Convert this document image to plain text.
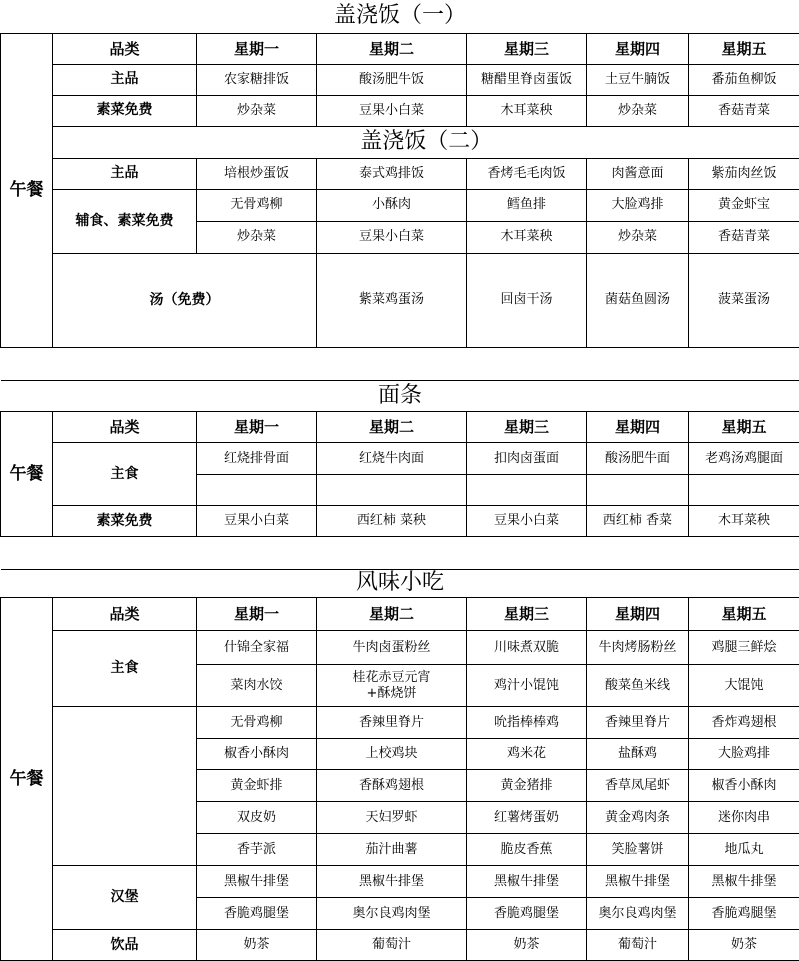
盖浇饭（一）							
午餐	品类	星期一	星期二	星期三	星期四	星期五	
	主品	农家糖排饭	酸汤肥牛饭	糖醋里脊卤蛋饭	土豆牛腩饭	番茄鱼柳饭	
	素菜免费	炒杂菜	豆果小白菜	木耳菜秧	炒杂菜	香菇青菜	
	盖浇饭（二）						
	主品	培根炒蛋饭	泰式鸡排饭	香烤毛毛肉饭	肉酱意面	紫茄肉丝饭	
	辅食、素菜免费	无骨鸡柳	小酥肉	鳕鱼排	大脸鸡排	黄金虾宝	
		炒杂菜	豆果小白菜	木耳菜秧	炒杂菜	香菇青菜	
	汤（免费）		紫菜鸡蛋汤	回卤干汤	菌菇鱼圆汤	菠菜蛋汤	

面条							
午餐	品类	星期一	星期二	星期三	星期四	星期五	
	主食	红烧排骨面	红烧牛肉面	扣肉卤蛋面	酸汤肥牛面	老鸡汤鸡腿面	

	素菜免费	豆果小白菜	西红柿 菜秧	豆果小白菜	西红柿 香菜	木耳菜秧	

风味小吃							
午餐	品类	星期一	星期二	星期三	星期四	星期五	
	主食	什锦全家福	牛肉卤蛋粉丝	川味煮双脆	牛肉烤肠粉丝	鸡腿三鲜烩	
		菜肉水饺	桂花赤豆元宵+酥烧饼	鸡汁小馄饨	酸菜鱼米线	大馄饨	
		无骨鸡柳	香辣里脊片	吮指棒棒鸡	香辣里脊片	香炸鸡翅根	
		椒香小酥肉	上校鸡块	鸡米花	盐酥鸡	大脸鸡排	
		黄金虾排	香酥鸡翅根	黄金猪排	香草凤尾虾	椒香小酥肉	
		双皮奶	天妇罗虾	红薯烤蛋奶	黄金鸡肉条	迷你肉串	
		香芋派	茄汁曲薯	脆皮香蕉	笑脸薯饼	地瓜丸	
	汉堡	黑椒牛排堡	黑椒牛排堡	黑椒牛排堡	黑椒牛排堡	黑椒牛排堡	
		香脆鸡腿堡	奥尔良鸡肉堡	香脆鸡腿堡	奥尔良鸡肉堡	香脆鸡腿堡	
	饮品	奶茶	葡萄汁	奶茶	葡萄汁	奶茶	
